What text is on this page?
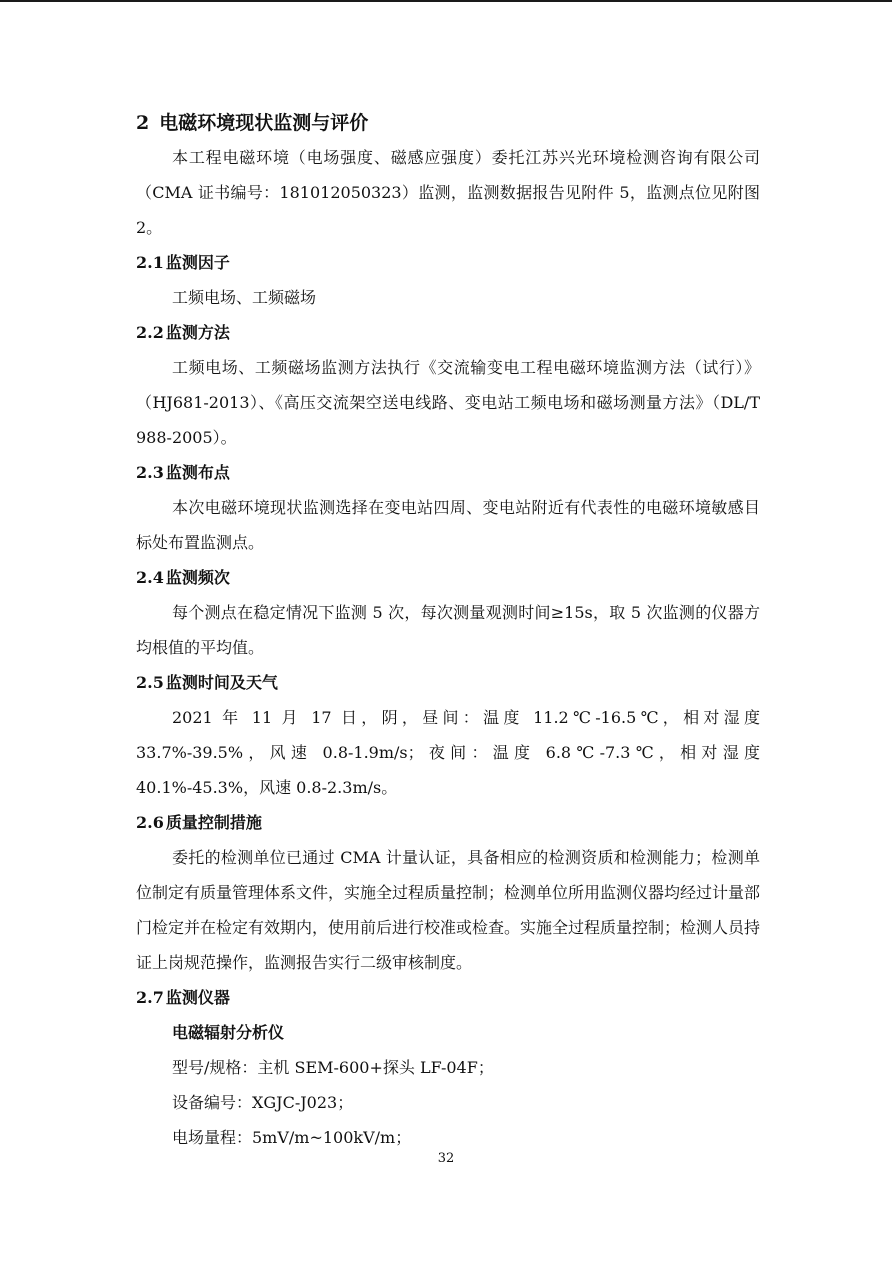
2 电磁环境现状监测与评价

本工程电磁环境（电场强度、磁感应强度）委托江苏兴光环境检测咨询有限公司（CMA 证书编号：181012050323）监测，监测数据报告见附件 5，监测点位见附图 2。

2.1 监测因子

工频电场、工频磁场

2.2 监测方法

工频电场、工频磁场监测方法执行《交流输变电工程电磁环境监测方法（试行）》（HJ681-2013）、《高压交流架空送电线路、变电站工频电场和磁场测量方法》（DL/T 988-2005）。

2.3 监测布点

本次电磁环境现状监测选择在变电站四周、变电站附近有代表性的电磁环境敏感目标处布置监测点。

2.4 监测频次

每个测点在稳定情况下监测 5 次，每次测量观测时间≥15s，取 5 次监测的仪器方均根值的平均值。

2.5 监测时间及天气

2021 年 11 月 17 日，阴，昼间：温度 11.2℃-16.5℃，相对湿度 33.7%-39.5%，风速 0.8-1.9m/s；夜间：温度 6.8℃-7.3℃，相对湿度 40.1%-45.3%，风速 0.8-2.3m/s。

2.6 质量控制措施

委托的检测单位已通过 CMA 计量认证，具备相应的检测资质和检测能力；检测单位制定有质量管理体系文件，实施全过程质量控制；检测单位所用监测仪器均经过计量部门检定并在检定有效期内，使用前后进行校准或检查。实施全过程质量控制；检测人员持证上岗规范操作，监测报告实行二级审核制度。

2.7 监测仪器
电磁辐射分析仪
型号/规格：主机 SEM-600+探头 LF-04F；
设备编号：XGJC-J023；
电场量程：5mV/m~100kV/m；
32
